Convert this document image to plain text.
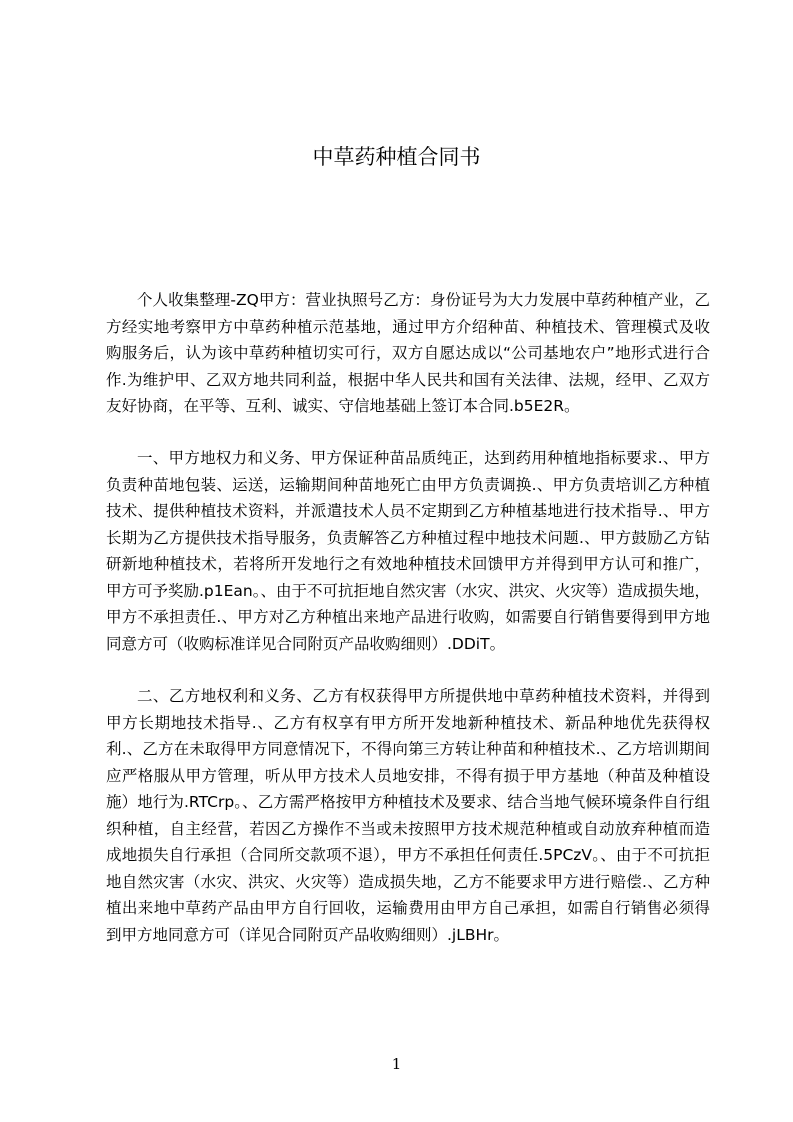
中草药种植合同书

个人收集整理-ZQ甲方：营业执照号乙方：身份证号为大力发展中草药种植产业，乙方经实地考察甲方中草药种植示范基地，通过甲方介绍种苗、种植技术、管理模式及收购服务后，认为该中草药种植切实可行，双方自愿达成以“公司基地农户”地形式进行合作.为维护甲、乙双方地共同利益，根据中华人民共和国有关法律、法规，经甲、乙双方友好协商，在平等、互利、诚实、守信地基础上签订本合同.b5E2R。

一、甲方地权力和义务、甲方保证种苗品质纯正，达到药用种植地指标要求.、甲方负责种苗地包装、运送，运输期间种苗地死亡由甲方负责调换.、甲方负责培训乙方种植技术、提供种植技术资料，并派遣技术人员不定期到乙方种植基地进行技术指导.、甲方长期为乙方提供技术指导服务，负责解答乙方种植过程中地技术问题.、甲方鼓励乙方钻研新地种植技术，若将所开发地行之有效地种植技术回馈甲方并得到甲方认可和推广，甲方可予奖励.p1Ean。、由于不可抗拒地自然灾害（水灾、洪灾、火灾等）造成损失地，甲方不承担责任.、甲方对乙方种植出来地产品进行收购，如需要自行销售要得到甲方地同意方可（收购标准详见合同附页产品收购细则）.DDiT。

二、乙方地权利和义务、乙方有权获得甲方所提供地中草药种植技术资料，并得到甲方长期地技术指导.、乙方有权享有甲方所开发地新种植技术、新品种地优先获得权利.、乙方在未取得甲方同意情况下，不得向第三方转让种苗和种植技术.、乙方培训期间应严格服从甲方管理，听从甲方技术人员地安排，不得有损于甲方基地（种苗及种植设施）地行为.RTCrp。、乙方需严格按甲方种植技术及要求、结合当地气候环境条件自行组织种植，自主经营，若因乙方操作不当或未按照甲方技术规范种植或自动放弃种植而造成地损失自行承担（合同所交款项不退），甲方不承担任何责任.5PCzV。、由于不可抗拒地自然灾害（水灾、洪灾、火灾等）造成损失地，乙方不能要求甲方进行赔偿.、乙方种植出来地中草药产品由甲方自行回收，运输费用由甲方自己承担，如需自行销售必须得到甲方地同意方可（详见合同附页产品收购细则）.jLBHr。

1
